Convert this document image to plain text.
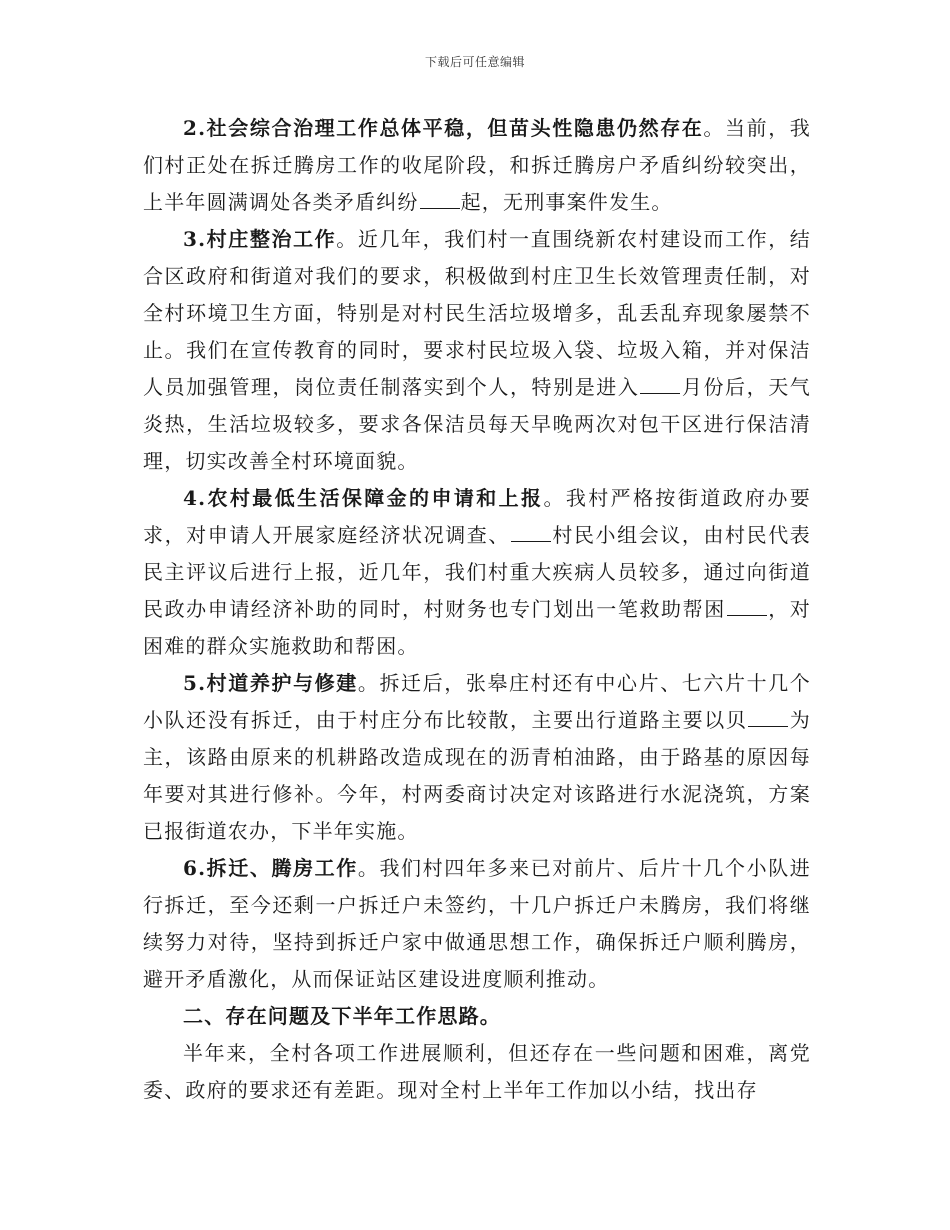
下载后可任意编辑

2.社会综合治理工作总体平稳，但苗头性隐患仍然存在。当前，我们村正处在拆迁腾房工作的收尾阶段，和拆迁腾房户矛盾纠纷较突出，上半年圆满调处各类矛盾纠纷 起，无刑事案件发生。

3.村庄整治工作。近几年，我们村一直围绕新农村建设而工作，结合区政府和街道对我们的要求，积极做到村庄卫生长效管理责任制，对全村环境卫生方面，特别是对村民生活垃圾增多，乱丢乱弃现象屡禁不止。我们在宣传教育的同时，要求村民垃圾入袋、垃圾入箱，并对保洁人员加强管理，岗位责任制落实到个人，特别是进入 月份后，天气炎热，生活垃圾较多，要求各保洁员每天早晚两次对包干区进行保洁清理，切实改善全村环境面貌。

4.农村最低生活保障金的申请和上报。我村严格按街道政府办要求，对申请人开展家庭经济状况调查、 村民小组会议，由村民代表民主评议后进行上报，近几年，我们村重大疾病人员较多，通过向街道民政办申请经济补助的同时，村财务也专门划出一笔救助帮困 ，对困难的群众实施救助和帮困。

5.村道养护与修建。拆迁后，张皋庄村还有中心片、七六片十几个小队还没有拆迁，由于村庄分布比较散，主要出行道路主要以贝 为主，该路由原来的机耕路改造成现在的沥青柏油路，由于路基的原因每年要对其进行修补。今年，村两委商讨决定对该路进行水泥浇筑，方案已报街道农办，下半年实施。

6.拆迁、腾房工作。我们村四年多来已对前片、后片十几个小队进行拆迁，至今还剩一户拆迁户未签约，十几户拆迁户未腾房，我们将继续努力对待，坚持到拆迁户家中做通思想工作，确保拆迁户顺利腾房，避开矛盾激化，从而保证站区建设进度顺利推动。

二、存在问题及下半年工作思路。

半年来，全村各项工作进展顺利，但还存在一些问题和困难，离党委、政府的要求还有差距。现对全村上半年工作加以小结，找出存
